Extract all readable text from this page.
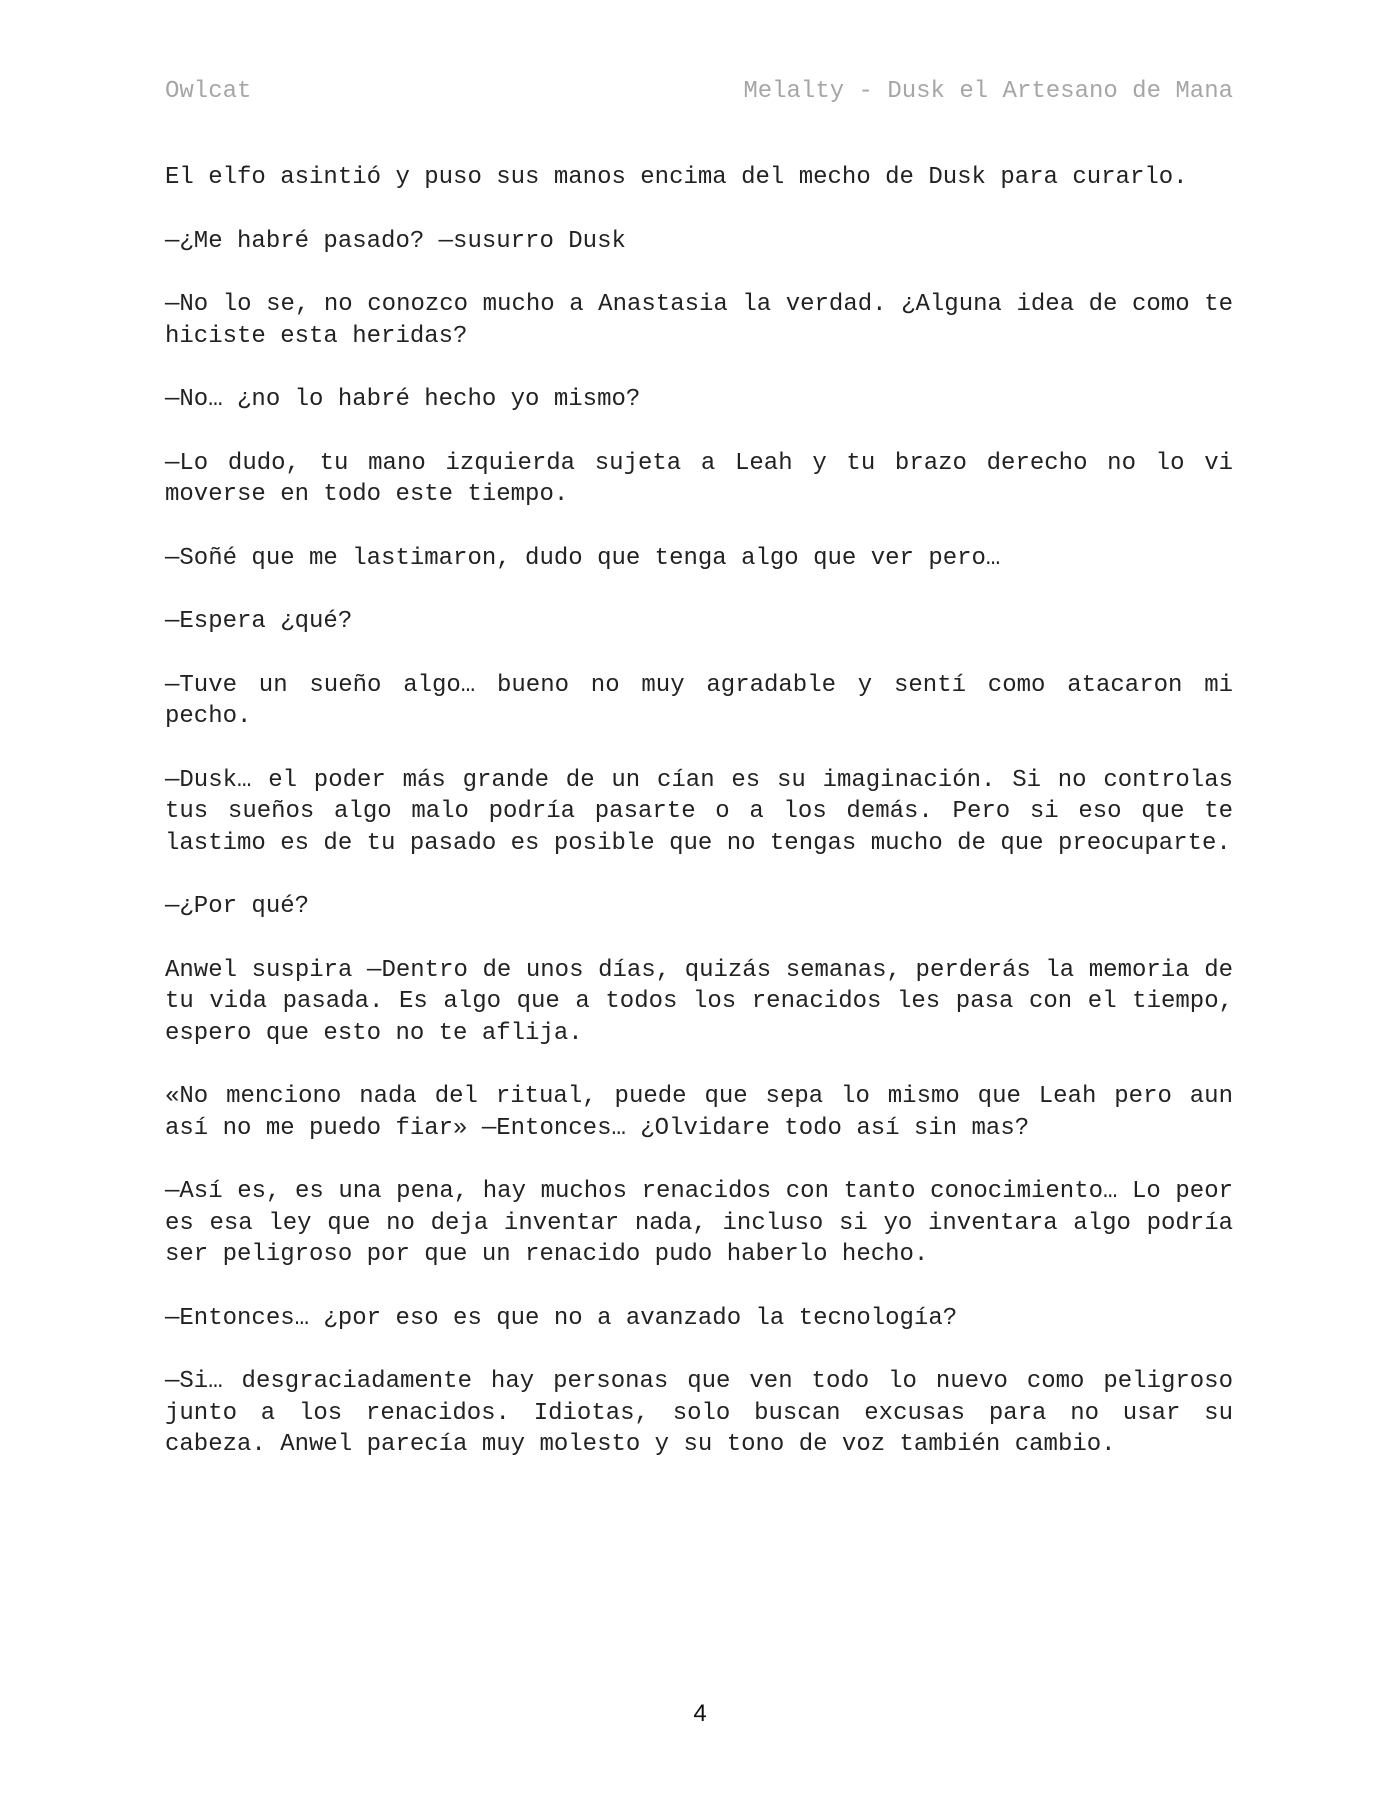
Owlcat	Melalty - Dusk el Artesano de Mana

El elfo asintió y puso sus manos encima del mecho de Dusk para curarlo.

—¿Me habré pasado? —susurro Dusk

—No lo se, no conozco mucho a Anastasia la verdad. ¿Alguna idea de como te hiciste esta heridas?

—No… ¿no lo habré hecho yo mismo?

—Lo dudo, tu mano izquierda sujeta a Leah y tu brazo derecho no lo vi moverse en todo este tiempo.

—Soñé que me lastimaron, dudo que tenga algo que ver pero…

—Espera ¿qué?

—Tuve un sueño algo… bueno no muy agradable y sentí como atacaron mi pecho.

—Dusk… el poder más grande de un cían es su imaginación. Si no controlas tus sueños algo malo podría pasarte o a los demás. Pero si eso que te lastimo es de tu pasado es posible que no tengas mucho de que preocuparte.

—¿Por qué?

Anwel suspira —Dentro de unos días, quizás semanas, perderás la memoria de tu vida pasada. Es algo que a todos los renacidos les pasa con el tiempo, espero que esto no te aflija.

«No menciono nada del ritual, puede que sepa lo mismo que Leah pero aun así no me puedo fiar» —Entonces… ¿Olvidare todo así sin mas?

—Así es, es una pena, hay muchos renacidos con tanto conocimiento… Lo peor es esa ley que no deja inventar nada, incluso si yo inventara algo podría ser peligroso por que un renacido pudo haberlo hecho.

—Entonces… ¿por eso es que no a avanzado la tecnología?

—Si… desgraciadamente hay personas que ven todo lo nuevo como peligroso junto a los renacidos. Idiotas, solo buscan excusas para no usar su cabeza. Anwel parecía muy molesto y su tono de voz también cambio.

4
